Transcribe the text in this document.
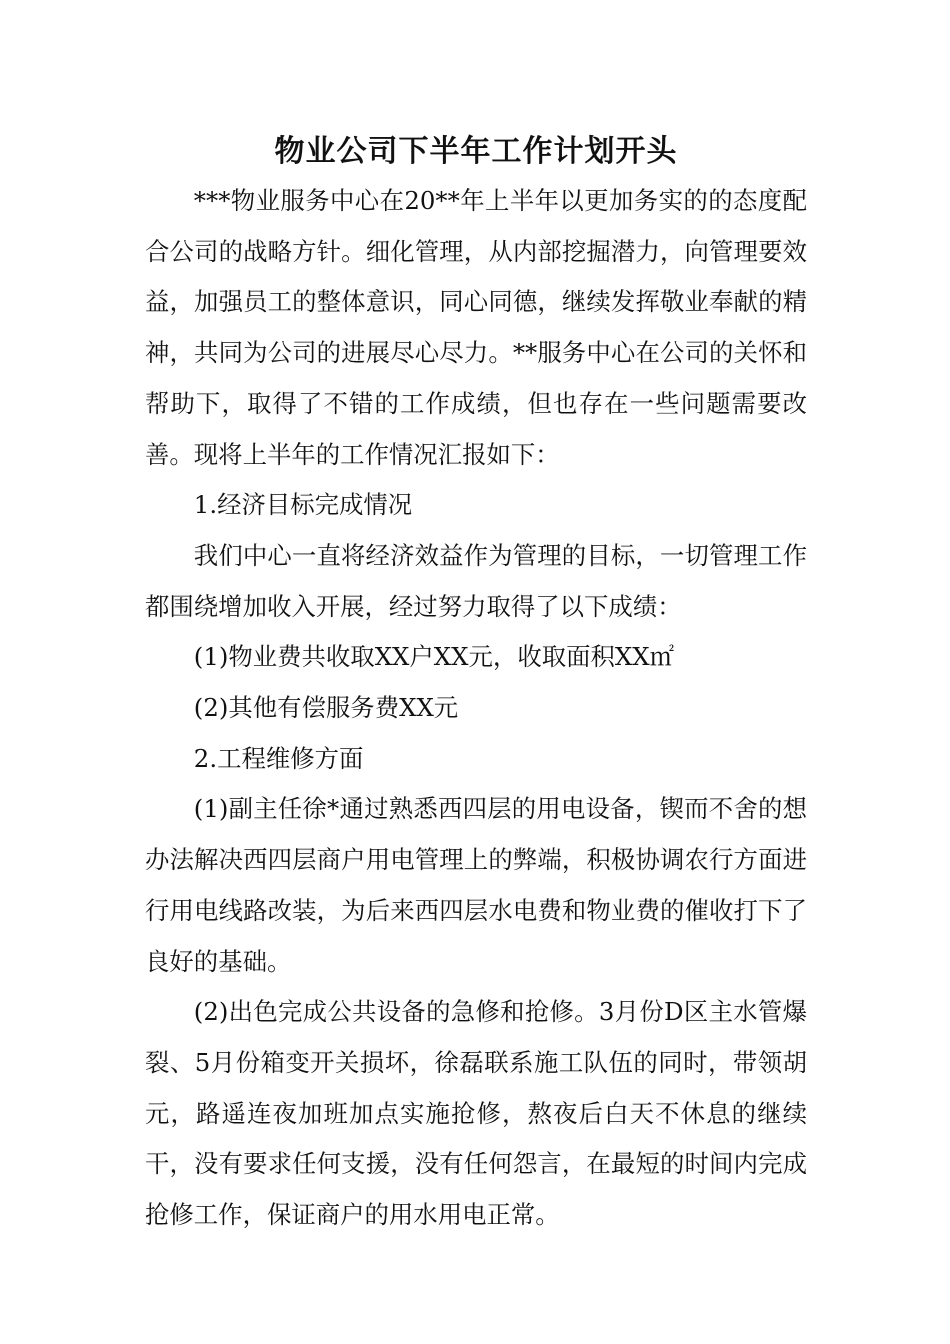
物业公司下半年工作计划开头

***物业服务中心在20**年上半年以更加务实的的态度配合公司的战略方针。细化管理，从内部挖掘潜力，向管理要效益，加强员工的整体意识，同心同德，继续发挥敬业奉献的精神，共同为公司的进展尽心尽力。**服务中心在公司的关怀和帮助下，取得了不错的工作成绩，但也存在一些问题需要改善。现将上半年的工作情况汇报如下：

1.经济目标完成情况

我们中心一直将经济效益作为管理的目标，一切管理工作都围绕增加收入开展，经过努力取得了以下成绩：

(1)物业费共收取XX户XX元，收取面积XX㎡

(2)其他有偿服务费XX元

2.工程维修方面

(1)副主任徐*通过熟悉西四层的用电设备，锲而不舍的想办法解决西四层商户用电管理上的弊端，积极协调农行方面进行用电线路改装，为后来西四层水电费和物业费的催收打下了良好的基础。

(2)出色完成公共设备的急修和抢修。3月份D区主水管爆裂、5月份箱变开关损坏，徐磊联系施工队伍的同时，带领胡元，路遥连夜加班加点实施抢修，熬夜后白天不休息的继续干，没有要求任何支援，没有任何怨言，在最短的时间内完成抢修工作，保证商户的用水用电正常。
